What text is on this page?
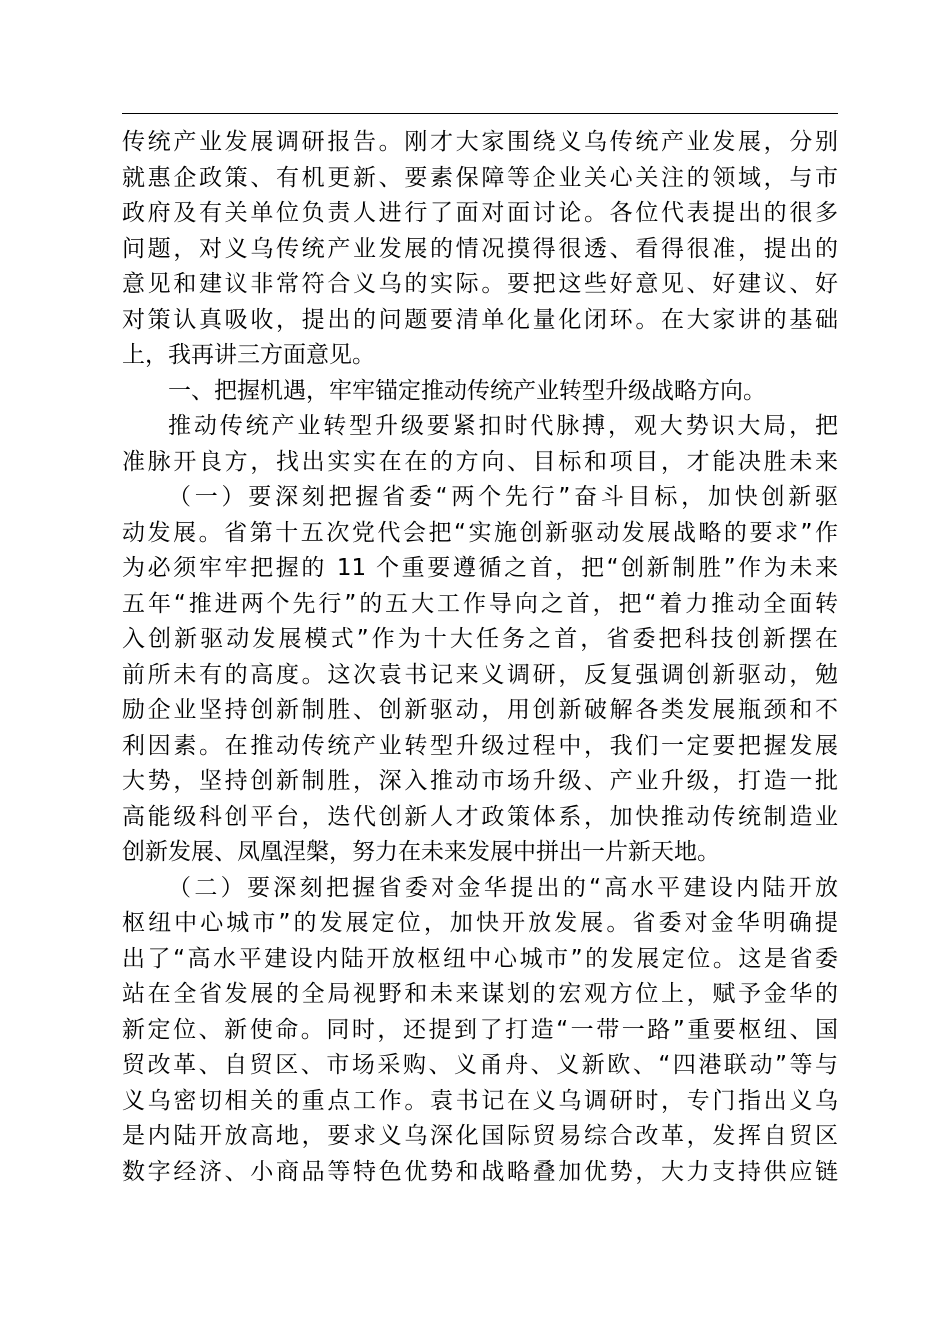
传统产业发展调研报告。刚才大家围绕义乌传统产业发展，分别
就惠企政策、有机更新、要素保障等企业关心关注的领域，与市
政府及有关单位负责人进行了面对面讨论。各位代表提出的很多
问题，对义乌传统产业发展的情况摸得很透、看得很准，提出的
意见和建议非常符合义乌的实际。要把这些好意见、好建议、好
对策认真吸收，提出的问题要清单化量化闭环。在大家讲的基础
上，我再讲三方面意见。
一、把握机遇，牢牢锚定推动传统产业转型升级战略方向。
推动传统产业转型升级要紧扣时代脉搏，观大势识大局，把
准脉开良方，找出实实在在的方向、目标和项目，才能决胜未来
（一）要深刻把握省委“两个先行”奋斗目标，加快创新驱
动发展。省第十五次党代会把“实施创新驱动发展战略的要求”作
为必须牢牢把握的 11 个重要遵循之首，把“创新制胜”作为未来
五年“推进两个先行”的五大工作导向之首，把“着力推动全面转
入创新驱动发展模式”作为十大任务之首，省委把科技创新摆在
前所未有的高度。这次袁书记来义调研，反复强调创新驱动，勉
励企业坚持创新制胜、创新驱动，用创新破解各类发展瓶颈和不
利因素。在推动传统产业转型升级过程中，我们一定要把握发展
大势，坚持创新制胜，深入推动市场升级、产业升级，打造一批
高能级科创平台，迭代创新人才政策体系，加快推动传统制造业
创新发展、凤凰涅槃，努力在未来发展中拼出一片新天地。
（二）要深刻把握省委对金华提出的“高水平建设内陆开放
枢纽中心城市”的发展定位，加快开放发展。省委对金华明确提
出了“高水平建设内陆开放枢纽中心城市”的发展定位。这是省委
站在全省发展的全局视野和未来谋划的宏观方位上，赋予金华的
新定位、新使命。同时，还提到了打造“一带一路”重要枢纽、国
贸改革、自贸区、市场采购、义甬舟、义新欧、“四港联动”等与
义乌密切相关的重点工作。袁书记在义乌调研时，专门指出义乌
是内陆开放高地，要求义乌深化国际贸易综合改革，发挥自贸区
数字经济、小商品等特色优势和战略叠加优势，大力支持供应链
